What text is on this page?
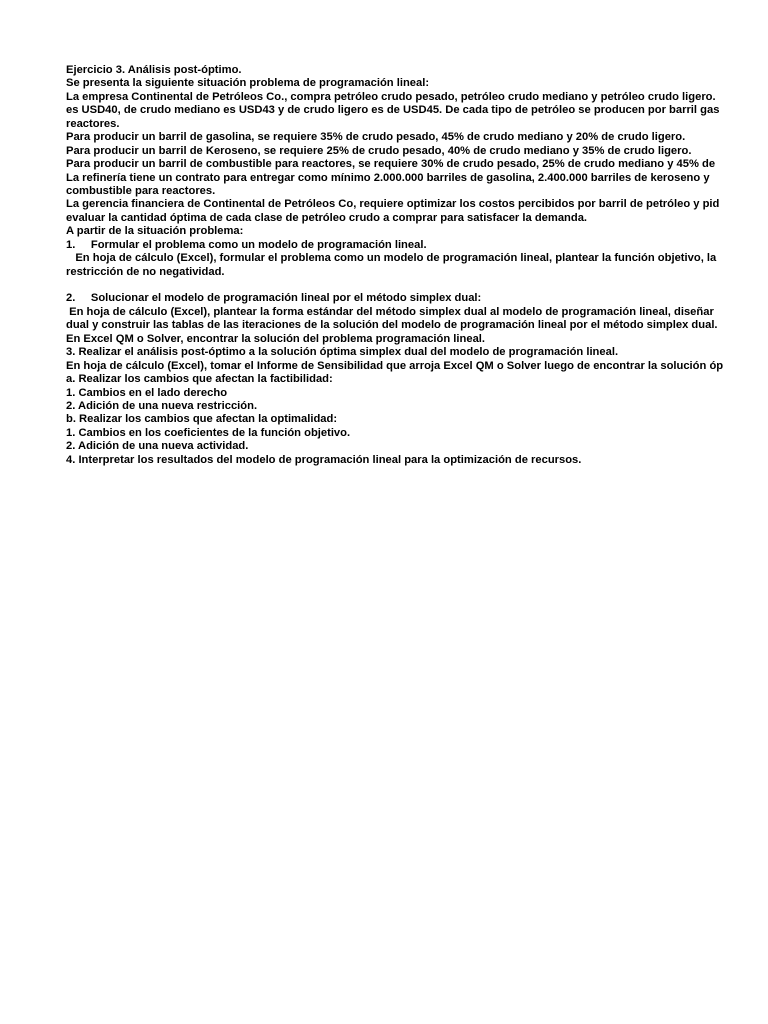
Ejercicio 3. Análisis post-óptimo.
Se presenta la siguiente situación problema de programación lineal:
La empresa Continental de Petróleos Co., compra petróleo crudo pesado, petróleo crudo mediano y petróleo crudo ligero.
es USD40, de crudo mediano es USD43 y de crudo ligero es de USD45. De cada tipo de petróleo se producen por barril gas
reactores.
Para producir un barril de gasolina, se requiere 35% de crudo pesado, 45% de crudo mediano y 20% de crudo ligero.
Para producir un barril de Keroseno, se requiere 25% de crudo pesado, 40% de crudo mediano y 35% de crudo ligero.
Para producir un barril de combustible para reactores, se requiere 30% de crudo pesado, 25% de crudo mediano y 45% de
La refinería tiene un contrato para entregar como mínimo 2.000.000 barriles de gasolina, 2.400.000 barriles de keroseno y
combustible para reactores.
La gerencia financiera de Continental de Petróleos Co, requiere optimizar los costos percibidos por barril de petróleo y pid
evaluar la cantidad óptima de cada clase de petróleo crudo a comprar para satisfacer la demanda.
A partir de la situación problema:
1.     Formular el problema como un modelo de programación lineal.
En hoja de cálculo (Excel), formular el problema como un modelo de programación lineal, plantear la función objetivo, la
restricción de no negatividad.
2.     Solucionar el modelo de programación lineal por el método simplex dual:
En hoja de cálculo (Excel), plantear la forma estándar del método simplex dual al modelo de programación lineal, diseñar
dual y construir las tablas de las iteraciones de la solución del modelo de programación lineal por el método simplex dual.
En Excel QM o Solver, encontrar la solución del problema programación lineal.
3. Realizar el análisis post-óptimo a la solución óptima simplex dual del modelo de programación lineal.
En hoja de cálculo (Excel), tomar el Informe de Sensibilidad que arroja Excel QM o Solver luego de encontrar la solución óp
a. Realizar los cambios que afectan la factibilidad:
1. Cambios en el lado derecho
2. Adición de una nueva restricción.
b. Realizar los cambios que afectan la optimalidad:
1. Cambios en los coeficientes de la función objetivo.
2. Adición de una nueva actividad.
4. Interpretar los resultados del modelo de programación lineal para la optimización de recursos.
